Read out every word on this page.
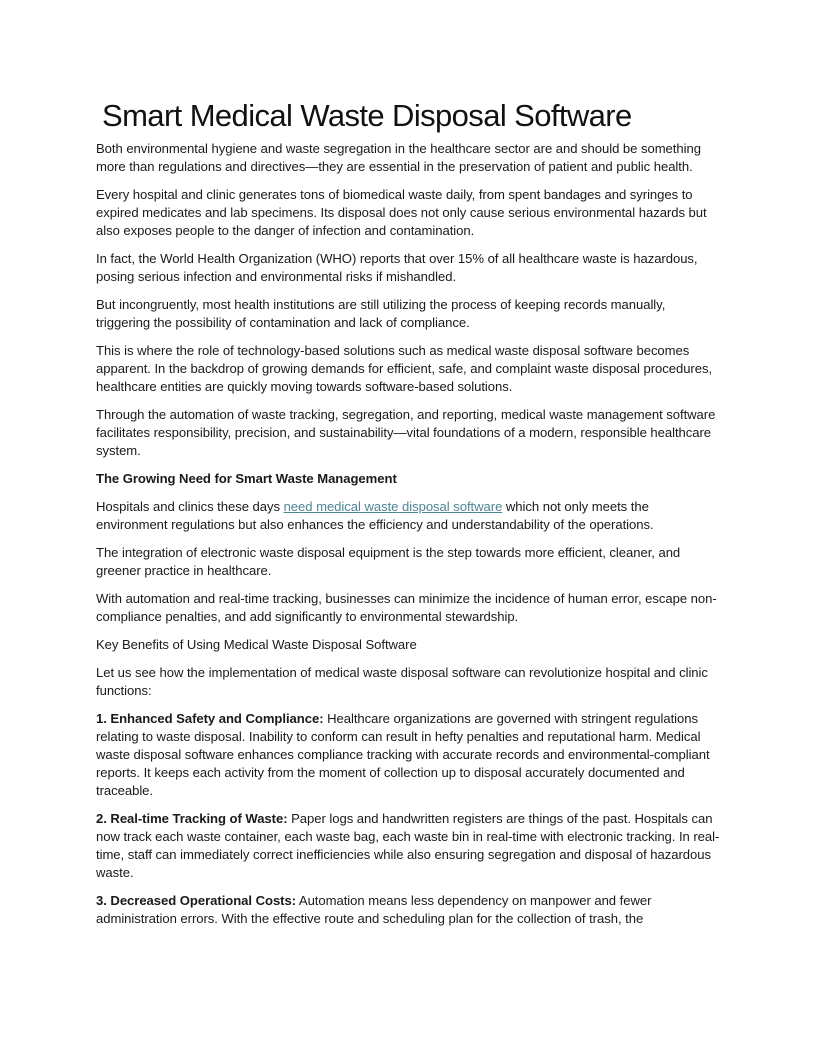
Smart Medical Waste Disposal Software

Both environmental hygiene and waste segregation in the healthcare sector are and should be something more than regulations and directives—they are essential in the preservation of patient and public health.

Every hospital and clinic generates tons of biomedical waste daily, from spent bandages and syringes to expired medicates and lab specimens. Its disposal does not only cause serious environmental hazards but also exposes people to the danger of infection and contamination.

In fact, the World Health Organization (WHO) reports that over 15% of all healthcare waste is hazardous, posing serious infection and environmental risks if mishandled.

But incongruently, most health institutions are still utilizing the process of keeping records manually, triggering the possibility of contamination and lack of compliance.

This is where the role of technology-based solutions such as medical waste disposal software becomes apparent. In the backdrop of growing demands for efficient, safe, and complaint waste disposal procedures, healthcare entities are quickly moving towards software-based solutions.

Through the automation of waste tracking, segregation, and reporting, medical waste management software facilitates responsibility, precision, and sustainability—vital foundations of a modern, responsible healthcare system.

The Growing Need for Smart Waste Management

Hospitals and clinics these days need medical waste disposal software which not only meets the environment regulations but also enhances the efficiency and understandability of the operations.

The integration of electronic waste disposal equipment is the step towards more efficient, cleaner, and greener practice in healthcare.

With automation and real-time tracking, businesses can minimize the incidence of human error, escape non-compliance penalties, and add significantly to environmental stewardship.

Key Benefits of Using Medical Waste Disposal Software

Let us see how the implementation of medical waste disposal software can revolutionize hospital and clinic functions:

1. Enhanced Safety and Compliance: Healthcare organizations are governed with stringent regulations relating to waste disposal. Inability to conform can result in hefty penalties and reputational harm. Medical waste disposal software enhances compliance tracking with accurate records and environmental-compliant reports. It keeps each activity from the moment of collection up to disposal accurately documented and traceable.

2. Real-time Tracking of Waste: Paper logs and handwritten registers are things of the past. Hospitals can now track each waste container, each waste bag, each waste bin in real-time with electronic tracking. In real-time, staff can immediately correct inefficiencies while also ensuring segregation and disposal of hazardous waste.

3. Decreased Operational Costs: Automation means less dependency on manpower and fewer administration errors. With the effective route and scheduling plan for the collection of trash, the
